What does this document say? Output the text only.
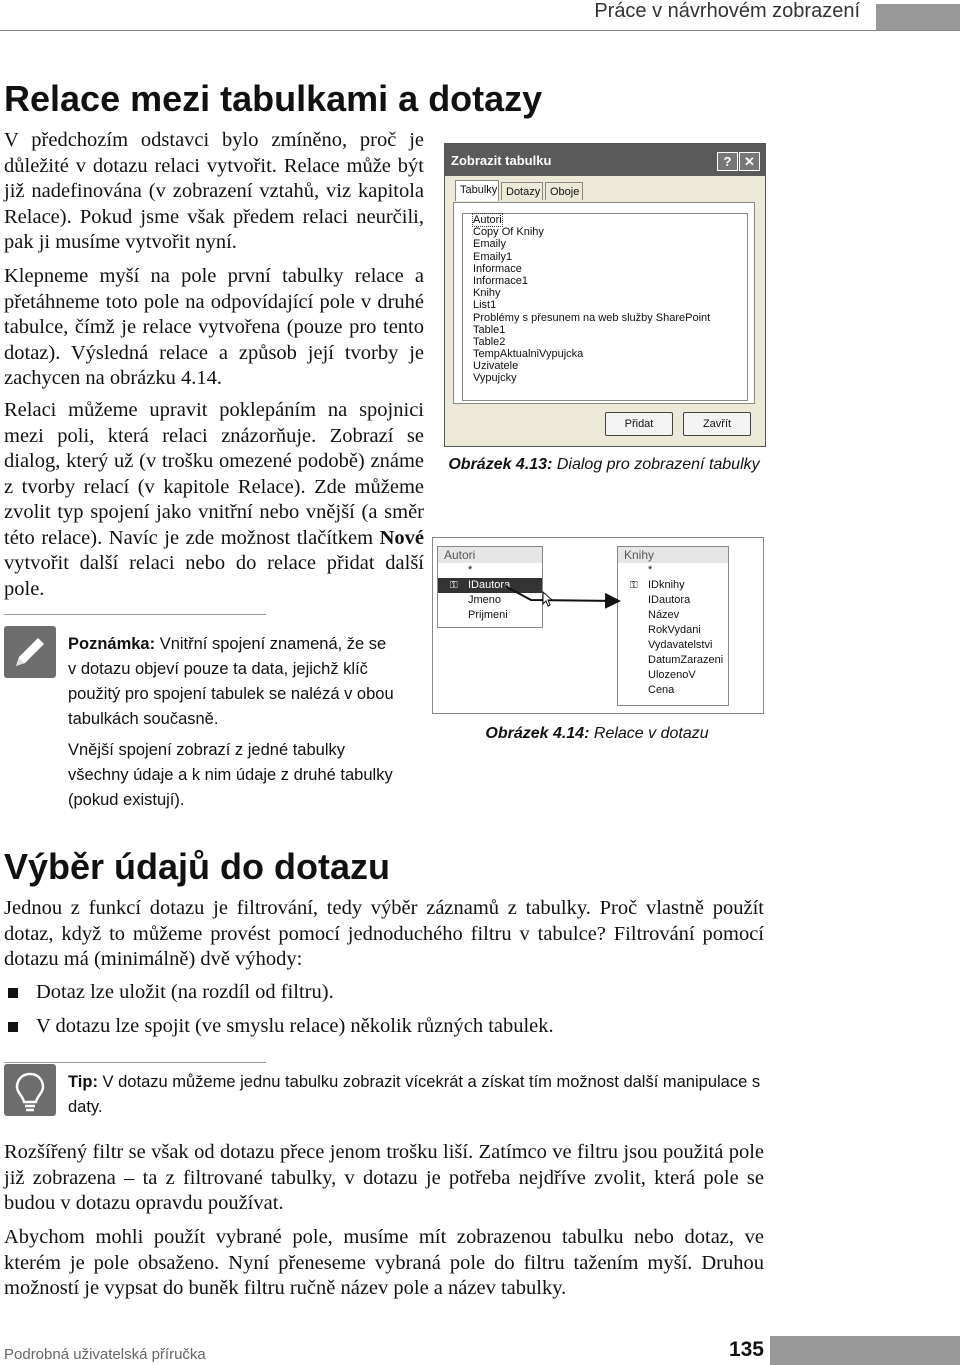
Práce v návrhovém zobrazení
Relace mezi tabulkami a dotazy

V předchozím odstavci bylo zmíněno, proč je důležité v dotazu relaci vytvořit. Relace může být již nadefinována (v zobrazení vztahů, viz kapitola Relace). Pokud jsme však předem relaci neurčili, pak ji musíme vytvořit nyní.

Klepneme myší na pole první tabulky relace a přetáhneme toto pole na odpovídající pole v druhé tabulce, čímž je relace vytvořena (pouze pro tento dotaz). Výsledná relace a způsob její tvorby je zachycen na obrázku 4.14.

Relaci můžeme upravit poklepáním na spojnici mezi poli, která relaci znázorňuje. Zobrazí se dialog, který už (v trošku omezené podobě) známe z tvorby relací (v kapitole Relace). Zde můžeme zvolit typ spojení jako vnitřní nebo vnější (a směr této relace). Navíc je zde možnost tlačítkem Nové vytvořit další relaci nebo do relace přidat další pole.

Poznámka: Vnitřní spojení znamená, že se v dotazu objeví pouze ta data, jejichž klíč použitý pro spojení tabulek se nalézá v obou tabulkách současně.
Vnější spojení zobrazí z jedné tabulky všechny údaje a k nim údaje z druhé tabulky (pokud existují).
Zobrazit tabulku	? ✕
Tabulky Dotazy Oboje
Autori
Copy Of Knihy
Emaily
Emaily1
Informace
Informace1
Knihy
List1
Problémy s přesunem na web služby SharePoint
Table1
Table2
TempAktualniVypujcka
Uzivatele
Vypujcky
Přidat	Zavřít
Obrázek 4.13: Dialog pro zobrazení tabulky
Autori
*
⚿ IDautora
Jmeno
Prijmeni
Knihy
*
⚿ IDknihy
IDautora
Název
RokVydani
Vydavatelstvi
DatumZarazeni
UlozenoV
Cena
Obrázek 4.14: Relace v dotazu
Výběr údajů do dotazu

Jednou z funkcí dotazu je filtrování, tedy výběr záznamů z tabulky. Proč vlastně použít dotaz, když to můžeme provést pomocí jednoduchého filtru v tabulce? Filtrování pomocí dotazu má (minimálně) dvě výhody:

Dotaz lze uložit (na rozdíl od filtru).
V dotazu lze spojit (ve smyslu relace) několik různých tabulek.
Tip: V dotazu můžeme jednu tabulku zobrazit vícekrát a získat tím možnost další manipulace s daty.

Rozšířený filtr se však od dotazu přece jenom trošku liší. Zatímco ve filtru jsou použitá pole již zobrazena – ta z filtrované tabulky, v dotazu je potřeba nejdříve zvolit, která pole se budou v dotazu opravdu používat.

Abychom mohli použít vybrané pole, musíme mít zobrazenou tabulku nebo dotaz, ve kterém je pole obsaženo. Nyní přeneseme vybraná pole do filtru tažením myší. Druhou možností je vypsat do buněk filtru ručně název pole a název tabulky.

Podrobná uživatelská příručka	135
